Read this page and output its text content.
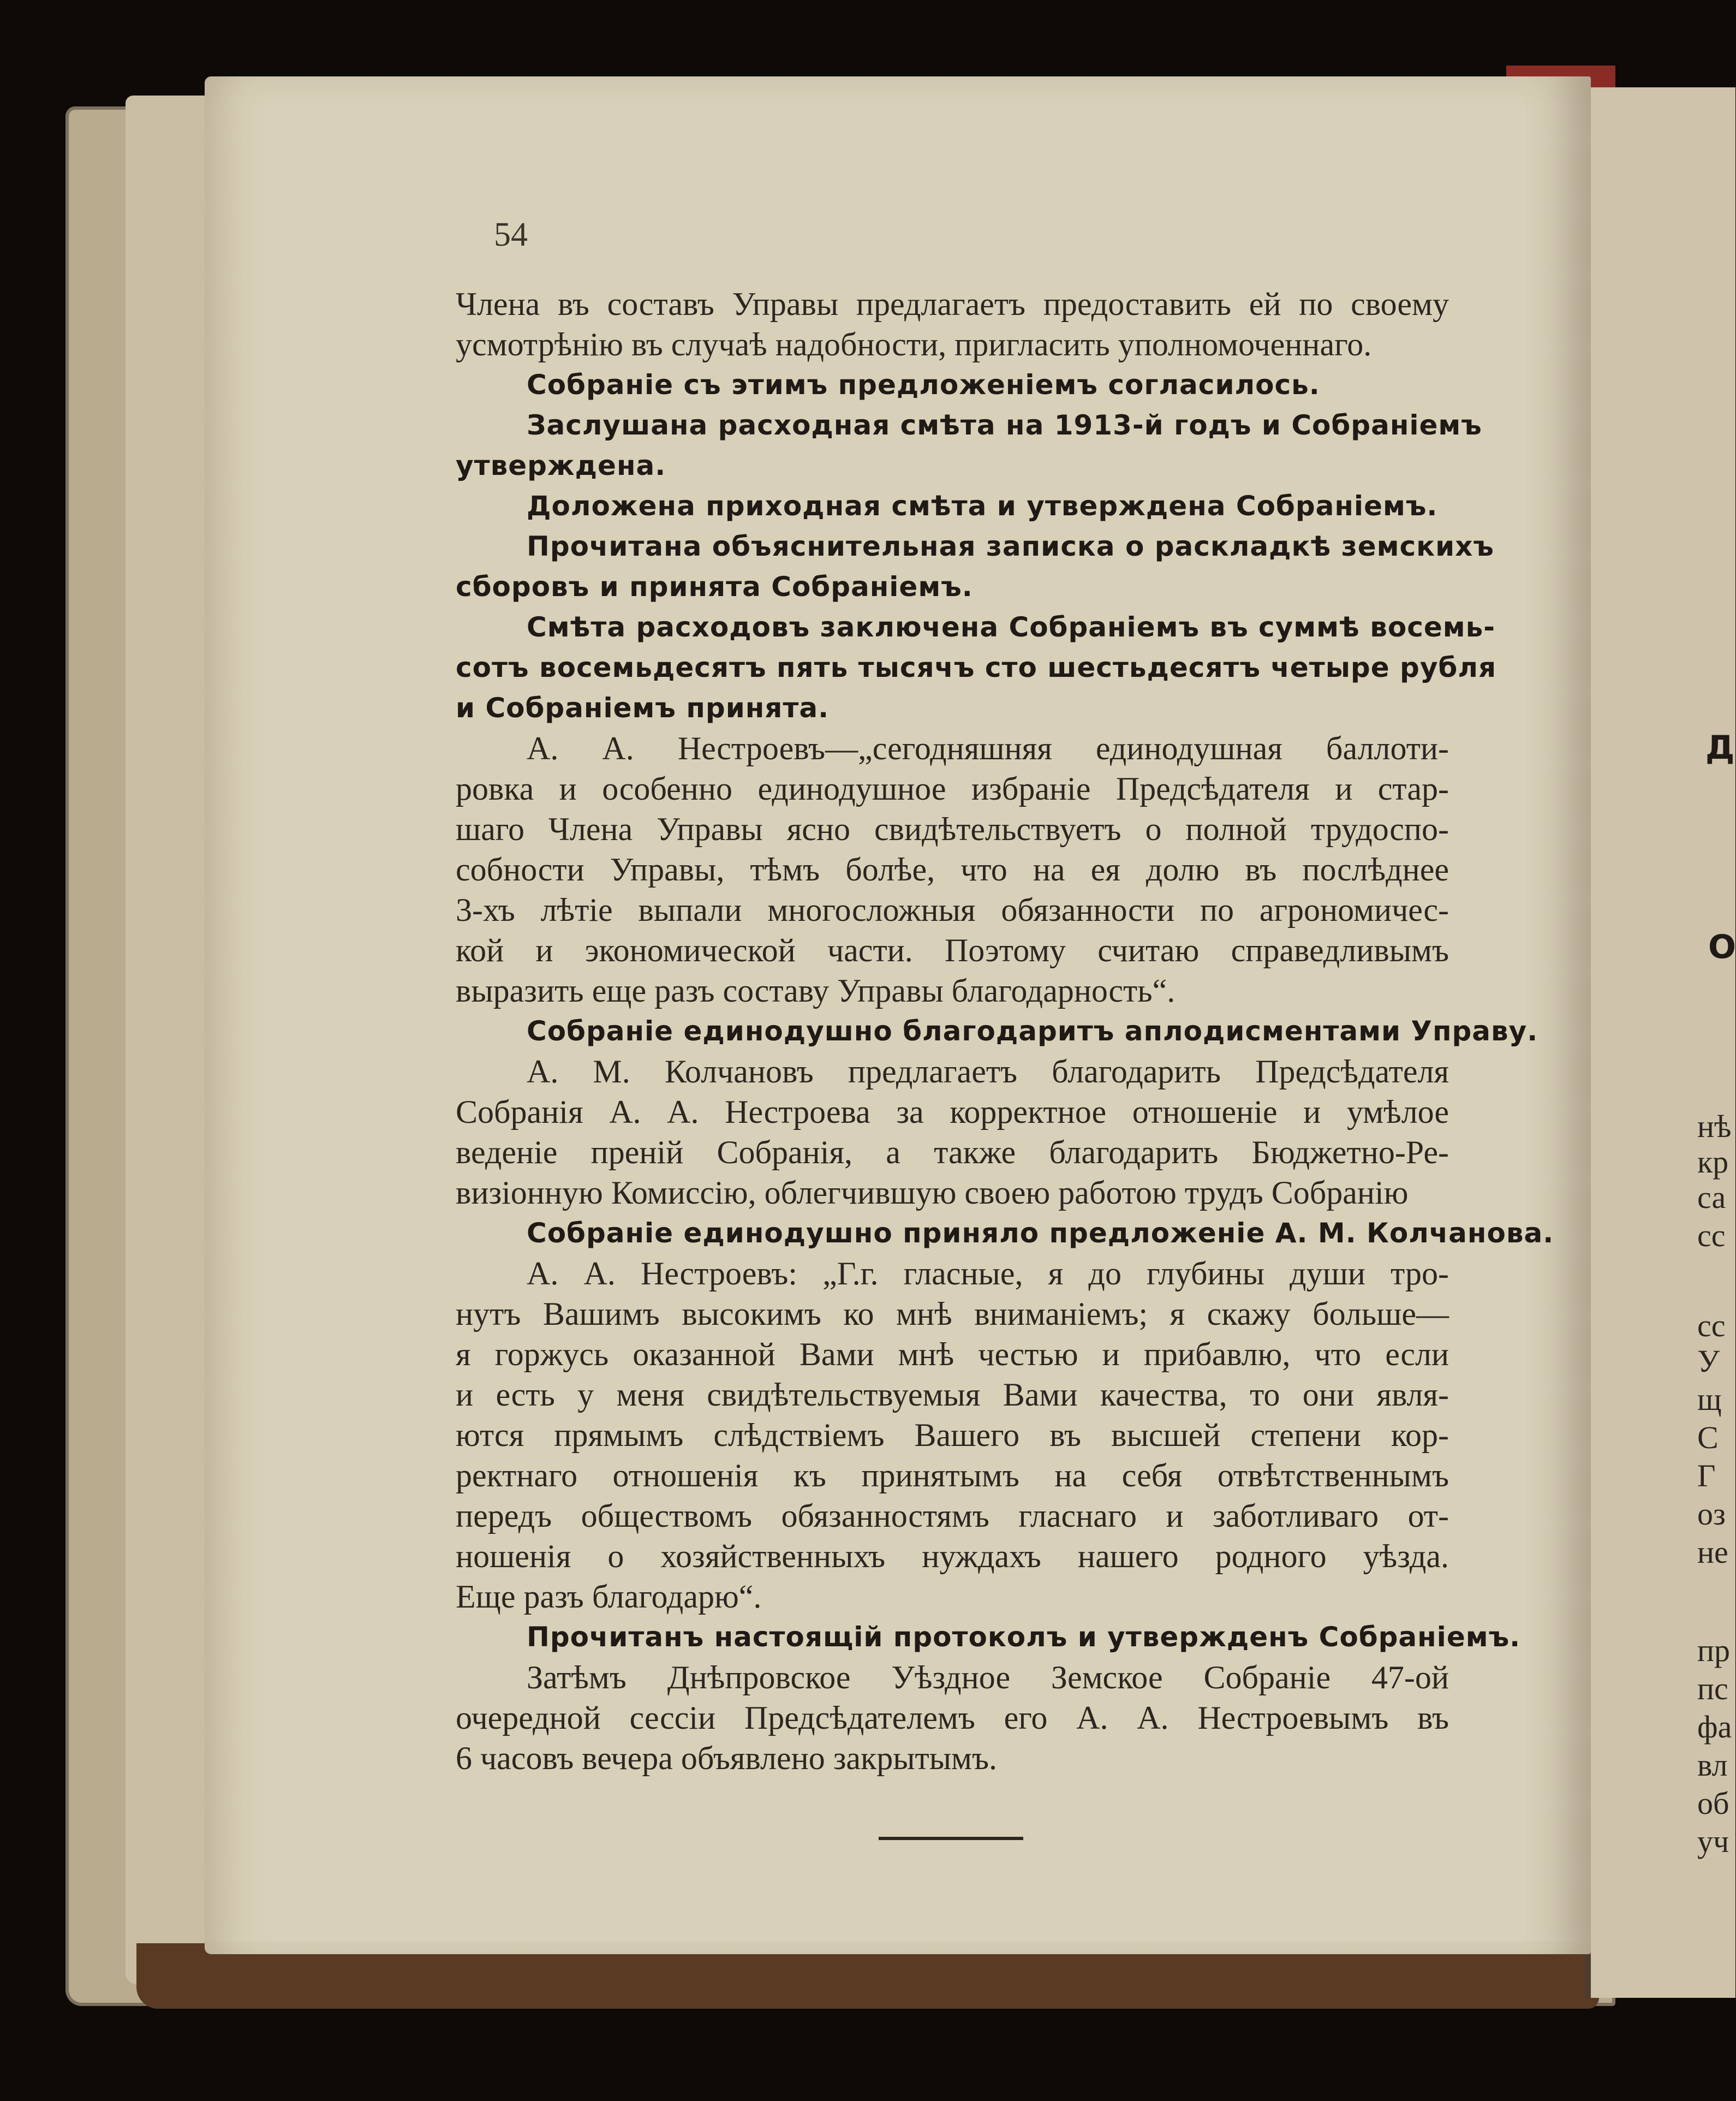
54
Члена въ составъ Управы предлагаетъ предоставить ей по своему
усмотрѣнію въ случаѣ надобности, пригласить уполномоченнаго.
Собраніе съ этимъ предложеніемъ согласилось.
Заслушана расходная смѣта на 1913-й годъ и Собраніемъ
утверждена.
Доложена приходная смѣта и утверждена Собраніемъ.
Прочитана объяснительная записка о раскладкѣ земскихъ
сборовъ и принята Собраніемъ.
Смѣта расходовъ заключена Собраніемъ въ суммѣ восемь-
сотъ восемьдесятъ пять тысячъ сто шестьдесятъ четыре рубля
и Собраніемъ принята.
А. А. Нестроевъ—„сегодняшняя единодушная баллоти-
ровка и особенно единодушное избраніе Предсѣдателя и стар-
шаго Члена Управы ясно свидѣтельствуетъ о полной трудоспо-
собности Управы, тѣмъ болѣе, что на ея долю въ послѣднее
3-хъ лѣтіе выпали многосложныя обязанности по агрономичес-
кой и экономической части. Поэтому считаю справедливымъ
выразить еще разъ составу Управы благодарность“.
Собраніе единодушно благодаритъ аплодисментами Управу.
А. М. Колчановъ предлагаетъ благодарить Предсѣдателя
Собранія А. А. Нестроева за корректное отношеніе и умѣлое
веденіе преній Собранія, а также благодарить Бюджетно-Ре-
визіонную Комиссію, облегчившую своею работою трудъ Собранію
Собраніе единодушно приняло предложеніе А. М. Колчанова.
А. А. Нестроевъ: „Г.г. гласные, я до глубины души тро-
нутъ Вашимъ высокимъ ко мнѣ вниманіемъ; я скажу больше—
я горжусь оказанной Вами мнѣ честью и прибавлю, что если
и есть у меня свидѣтельствуемыя Вами качества, то они явля-
ются прямымъ слѣдствіемъ Вашего въ высшей степени кор-
ректнаго отношенія къ принятымъ на себя отвѣтственнымъ
передъ обществомъ обязанностямъ гласнаго и заботливаго от-
ношенія о хозяйственныхъ нуждахъ нашего родного уѣзда.
Еще разъ благодарю“.
Прочитанъ настоящій протоколъ и утвержденъ Собраніемъ.
Затѣмъ Днѣпровское Уѣздное Земское Собраніе 47-ой
очередной сессіи Предсѣдателемъ его А. А. Нестроевымъ въ
6 часовъ вечера объявлено закрытымъ.
Д
О
нѣ
кр
са
сс
сс
У
щ
С
Г
оз
не
пр
пс
фа
вл
об
уч
